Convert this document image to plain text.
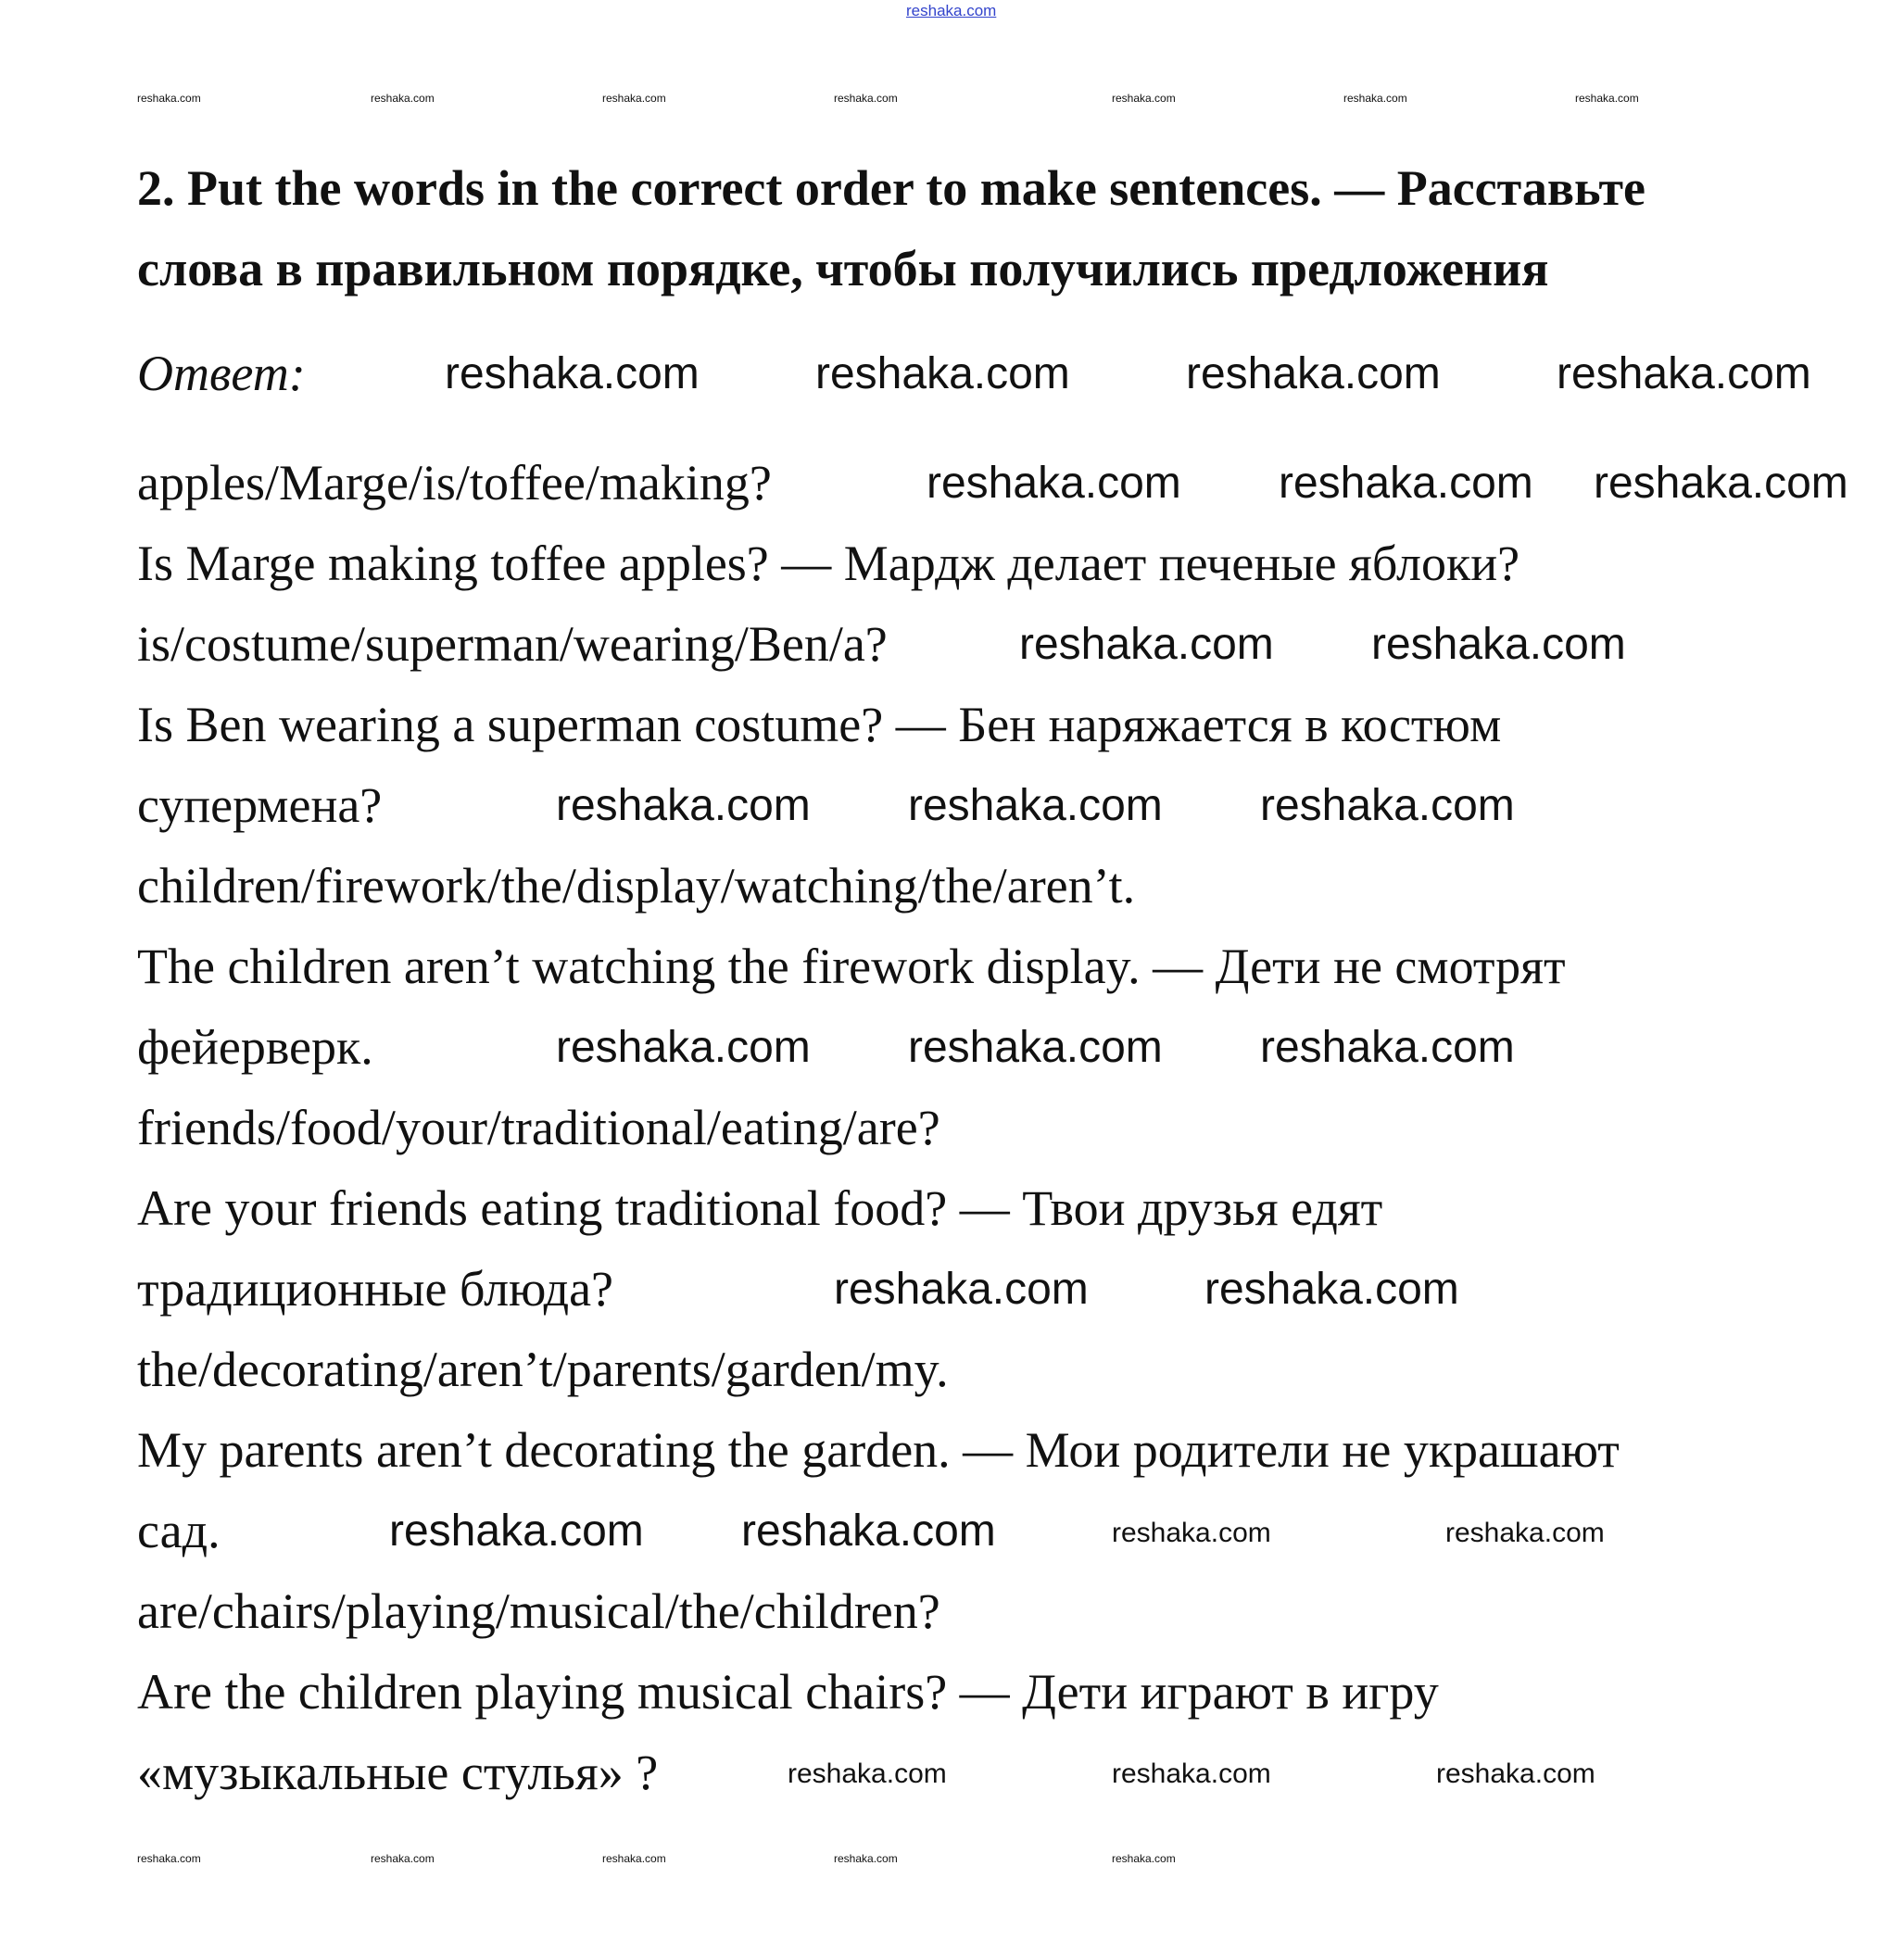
reshaka.com
2. Put the words in the correct order to make sentences. — Расставьте
слова в правильном порядке, чтобы получились предложения
Ответ:
apples/Marge/is/toffee/making?
Is Marge making toffee apples? — Мардж делает печеные яблоки?
is/costume/superman/wearing/Ben/a?
Is Ben wearing a superman costume? — Бен наряжается в костюм
супермена?
children/firework/the/display/watching/the/aren’t.
The children aren’t watching the firework display. — Дети не смотрят
фейерверк.
friends/food/your/traditional/eating/are?
Are your friends eating traditional food? — Твои друзья едят
традиционные блюда?
the/decorating/aren’t/parents/garden/my.
My parents aren’t decorating the garden. — Мои родители не украшают
сад.
are/chairs/playing/musical/the/children?
Are the children playing musical chairs? — Дети играют в игру
«музыкальные стулья» ?
reshaka.com	reshaka.com	reshaka.com	reshaka.com
reshaka.com reshaka.com reshaka.com
reshaka.com reshaka.com
reshaka.com reshaka.com reshaka.com
reshaka.com reshaka.com reshaka.com
reshaka.com	reshaka.com
reshaka.com reshaka.com	reshaka.com	reshaka.com
reshaka.com	reshaka.com	reshaka.com
reshaka.com	reshaka.com	reshaka.com	reshaka.com	reshaka.com	reshaka.com	reshaka.com
reshaka.com	reshaka.com	reshaka.com	reshaka.com	reshaka.com
